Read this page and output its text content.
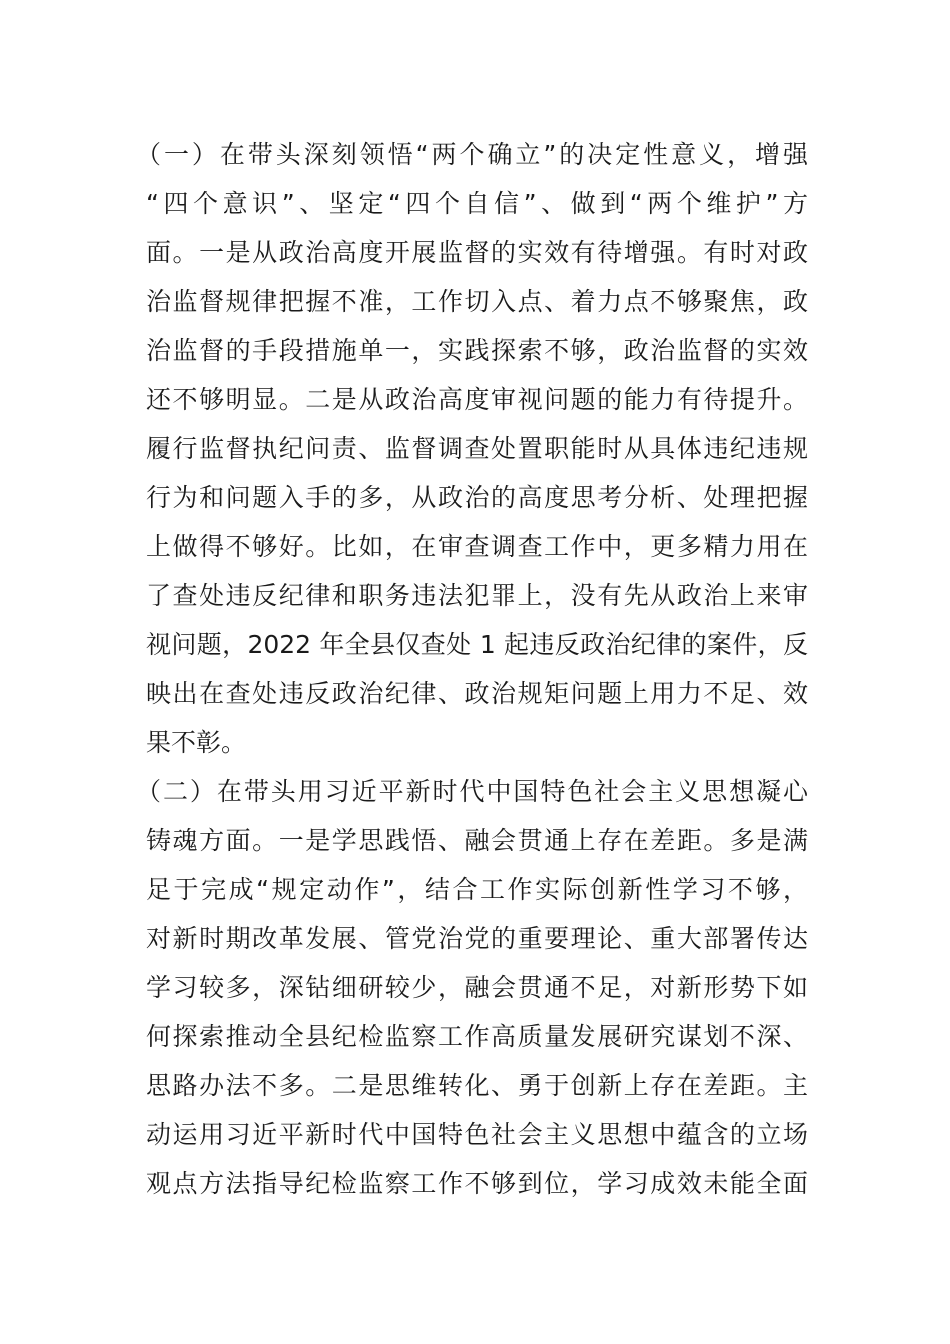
（一）在带头深刻领悟“两个确立”的决定性意义，增强
“四个意识”、坚定“四个自信”、做到“两个维护”方
面。一是从政治高度开展监督的实效有待增强。有时对政
治监督规律把握不准，工作切入点、着力点不够聚焦，政
治监督的手段措施单一，实践探索不够，政治监督的实效
还不够明显。二是从政治高度审视问题的能力有待提升。
履行监督执纪问责、监督调查处置职能时从具体违纪违规
行为和问题入手的多，从政治的高度思考分析、处理把握
上做得不够好。比如，在审查调查工作中，更多精力用在
了查处违反纪律和职务违法犯罪上，没有先从政治上来审
视问题，2022 年全县仅查处 1 起违反政治纪律的案件，反
映出在查处违反政治纪律、政治规矩问题上用力不足、效
果不彰。
（二）在带头用习近平新时代中国特色社会主义思想凝心
铸魂方面。一是学思践悟、融会贯通上存在差距。多是满
足于完成“规定动作”，结合工作实际创新性学习不够，
对新时期改革发展、管党治党的重要理论、重大部署传达
学习较多，深钻细研较少，融会贯通不足，对新形势下如
何探索推动全县纪检监察工作高质量发展研究谋划不深、
思路办法不多。二是思维转化、勇于创新上存在差距。主
动运用习近平新时代中国特色社会主义思想中蕴含的立场
观点方法指导纪检监察工作不够到位，学习成效未能全面
